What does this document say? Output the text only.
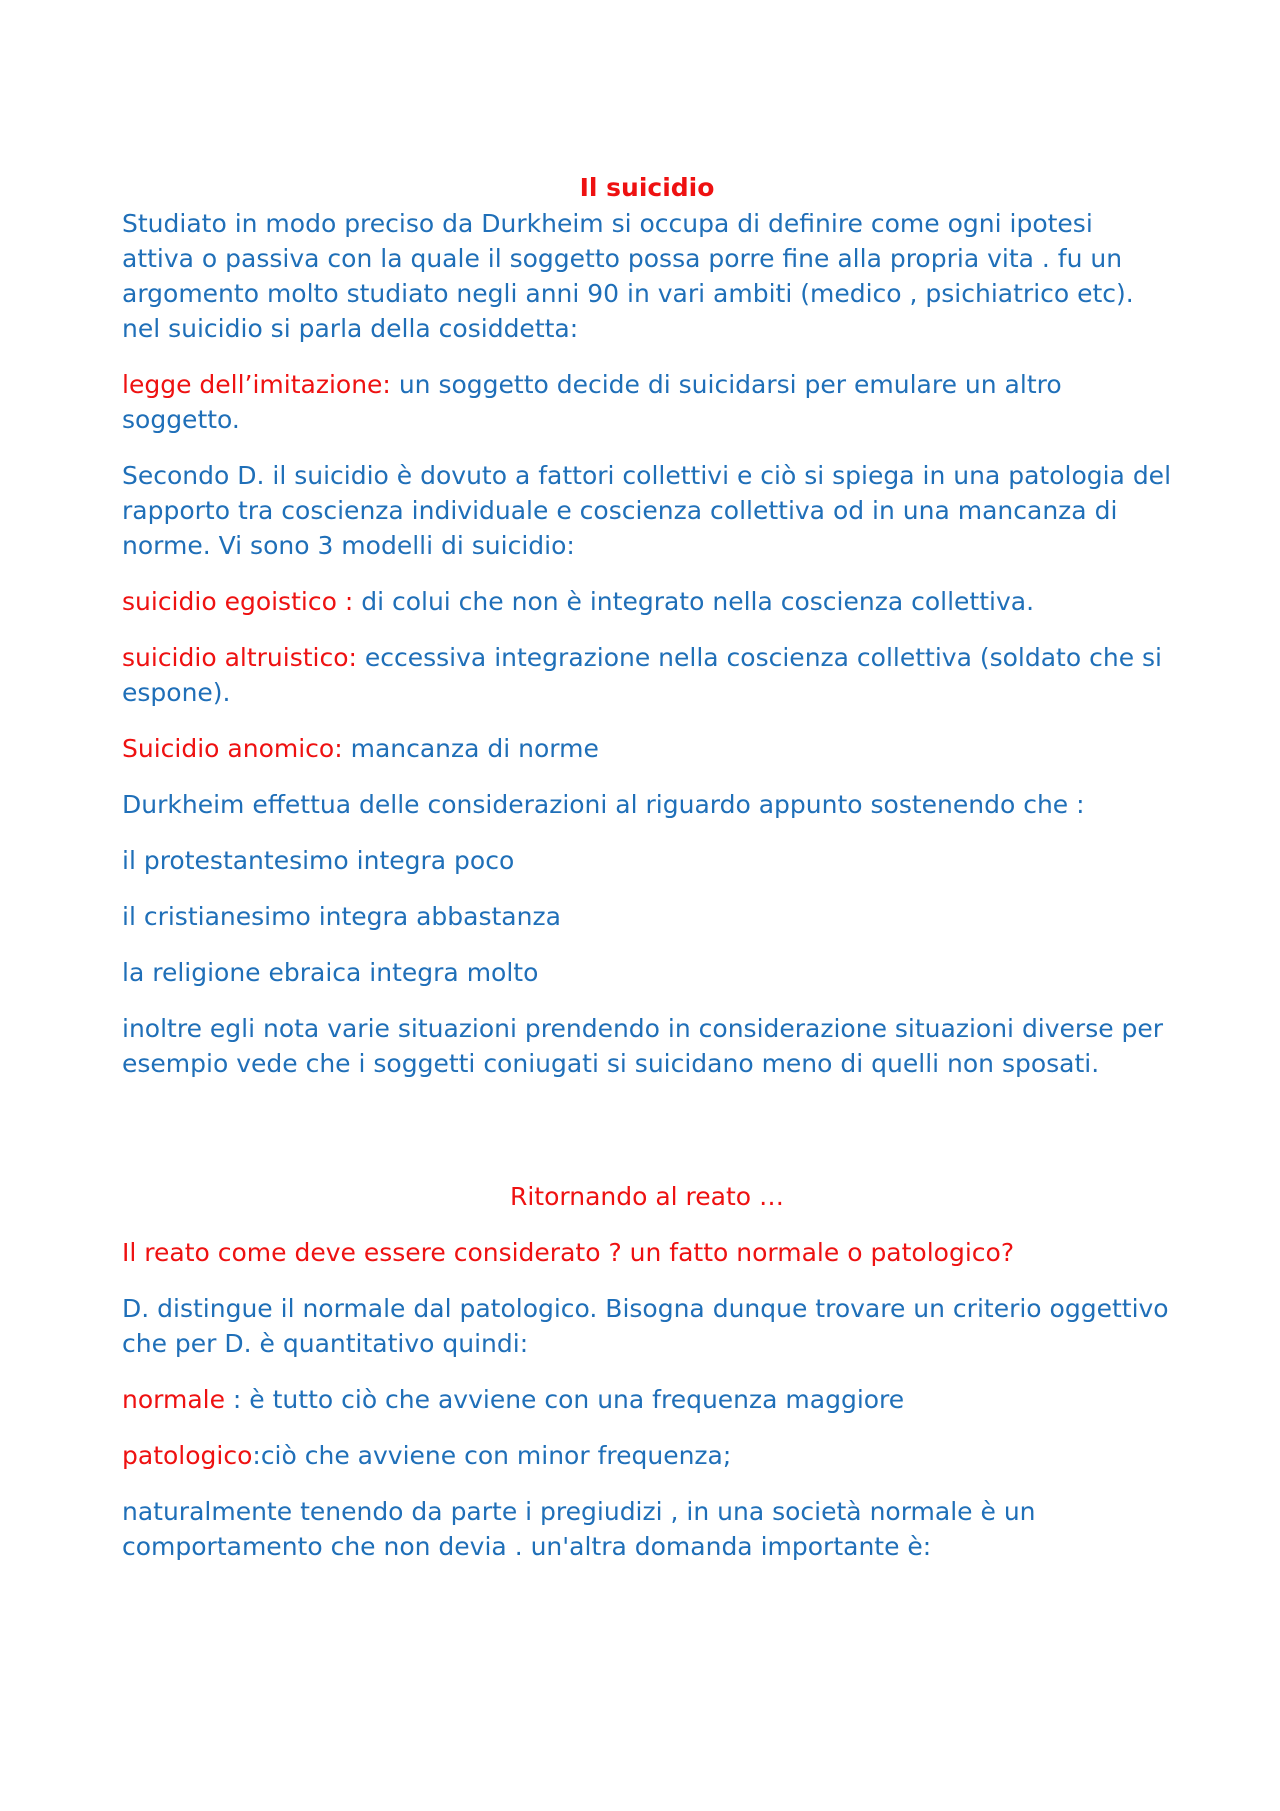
Il suicidio

Studiato in modo preciso da Durkheim si occupa di definire come ogni ipotesi attiva o passiva con la quale il soggetto possa porre fine alla propria vita . fu un argomento molto studiato negli anni 90 in vari ambiti (medico , psichiatrico etc). nel suicidio si parla della cosiddetta:

legge dell’imitazione: un soggetto decide di suicidarsi per emulare un altro soggetto.

Secondo D. il suicidio è dovuto a fattori collettivi e ciò si spiega in una patologia del rapporto tra coscienza individuale e coscienza collettiva od in una mancanza di norme. Vi sono 3 modelli di suicidio:

suicidio egoistico : di colui che non è integrato nella coscienza collettiva.

suicidio altruistico: eccessiva integrazione nella coscienza collettiva (soldato che si espone).

Suicidio anomico: mancanza di norme

Durkheim effettua delle considerazioni al riguardo appunto sostenendo che :

il protestantesimo integra poco

il cristianesimo integra abbastanza

la religione ebraica integra molto

inoltre egli nota varie situazioni prendendo in considerazione situazioni diverse per esempio vede che i soggetti coniugati si suicidano meno di quelli non sposati.

Ritornando al reato …

Il reato come deve essere considerato ? un fatto normale o patologico?

D. distingue il normale dal patologico. Bisogna dunque trovare un criterio oggettivo che per D. è quantitativo quindi:

normale : è tutto ciò che avviene con una frequenza maggiore

patologico:ciò che avviene con minor frequenza;

naturalmente tenendo da parte i pregiudizi , in una società normale è un comportamento che non devia . un'altra domanda importante è:
